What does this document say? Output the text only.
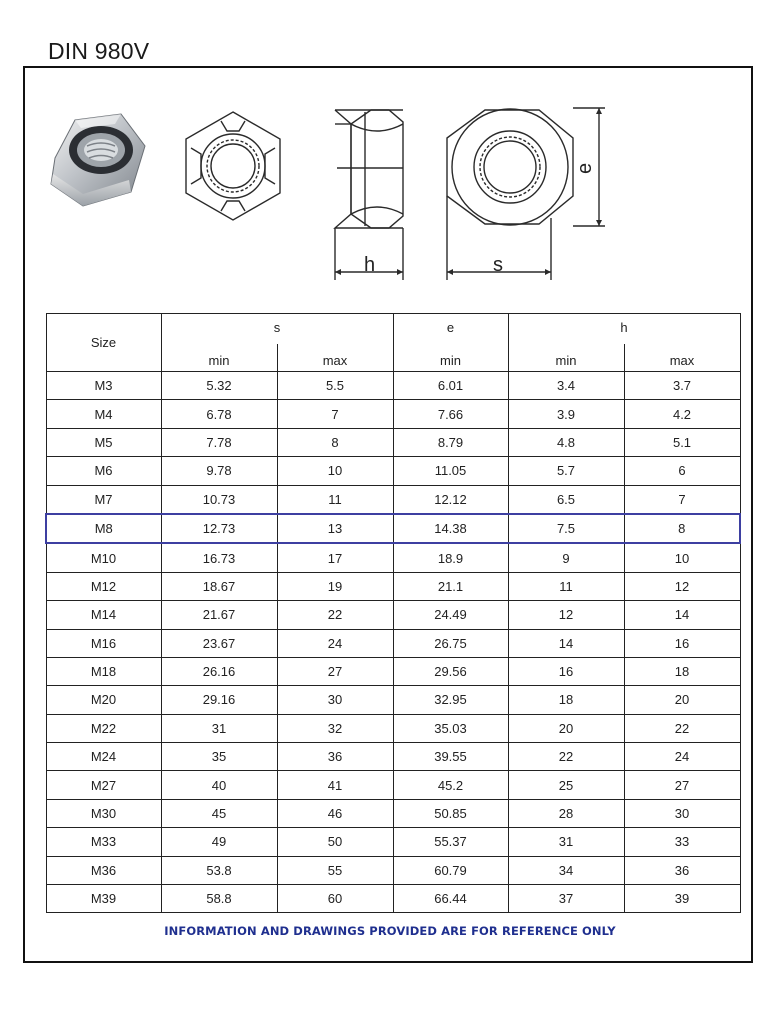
DIN 980V
h	s
e
Size	s		e	h	
	min	max	min	min	max
M3	5.32	5.5	6.01	3.4	3.7
M4	6.78	7	7.66	3.9	4.2
M5	7.78	8	8.79	4.8	5.1
M6	9.78	10	11.05	5.7	6
M7	10.73	11	12.12	6.5	7
M8	12.73	13	14.38	7.5	8
M10	16.73	17	18.9	9	10
M12	18.67	19	21.1	11	12
M14	21.67	22	24.49	12	14
M16	23.67	24	26.75	14	16
M18	26.16	27	29.56	16	18
M20	29.16	30	32.95	18	20
M22	31	32	35.03	20	22
M24	35	36	39.55	22	24
M27	40	41	45.2	25	27
M30	45	46	50.85	28	30
M33	49	50	55.37	31	33
M36	53.8	55	60.79	34	36
M39	58.8	60	66.44	37	39
INFORMATION AND DRAWINGS PROVIDED ARE FOR REFERENCE ONLY
